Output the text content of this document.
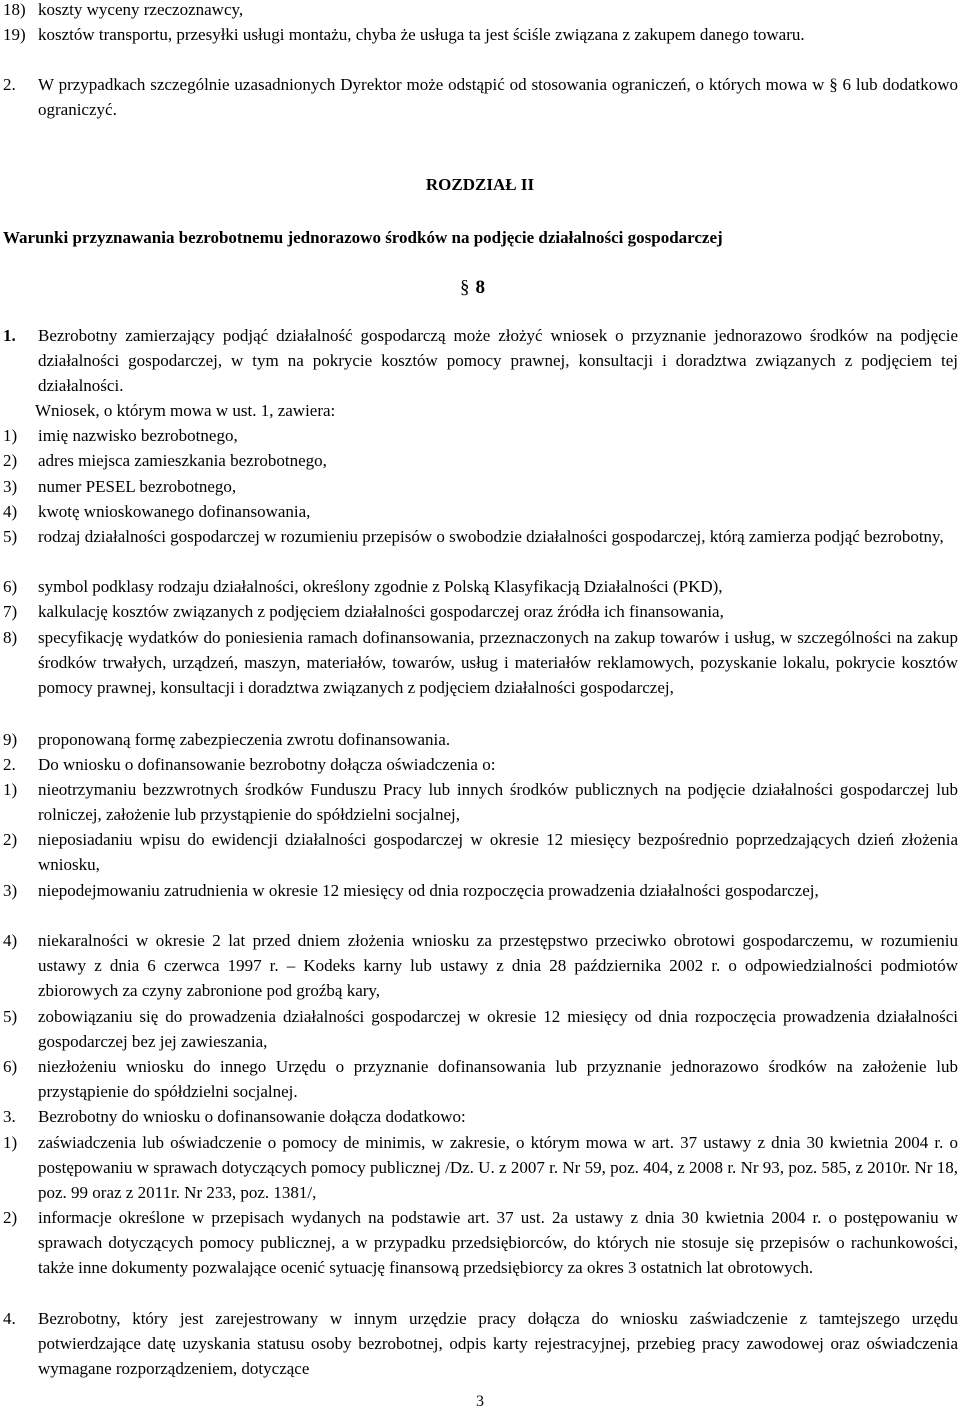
18) koszty wyceny rzeczoznawcy,
19) kosztów transportu, przesyłki usługi montażu, chyba że usługa ta jest ściśle związana z zakupem danego towaru.
2. W przypadkach szczególnie uzasadnionych Dyrektor może odstąpić od stosowania ograniczeń, o których mowa w § 6 lub dodatkowo ograniczyć.
ROZDZIAŁ II
Warunki przyznawania bezrobotnemu jednorazowo środków na podjęcie działalności gospodarczej
§ 8
1. Bezrobotny zamierzający podjąć działalność gospodarczą może złożyć wniosek o przyznanie jednorazowo środków na podjęcie działalności gospodarczej, w tym na pokrycie kosztów pomocy prawnej, konsultacji i doradztwa związanych z podjęciem tej działalności.
Wniosek, o którym mowa w ust. 1, zawiera:
1) imię nazwisko bezrobotnego,
2) adres miejsca zamieszkania bezrobotnego,
3) numer PESEL bezrobotnego,
4) kwotę wnioskowanego dofinansowania,
5) rodzaj działalności gospodarczej w rozumieniu przepisów o swobodzie działalności gospodarczej, którą zamierza podjąć bezrobotny,
6) symbol podklasy rodzaju działalności, określony zgodnie z Polską Klasyfikacją Działalności (PKD),
7) kalkulację kosztów związanych z podjęciem działalności gospodarczej oraz źródła ich finansowania,
8) specyfikację wydatków do poniesienia ramach dofinansowania, przeznaczonych na zakup towarów i usług, w szczególności na zakup środków trwałych, urządzeń, maszyn, materiałów, towarów, usług i materiałów reklamowych, pozyskanie lokalu, pokrycie kosztów pomocy prawnej, konsultacji i doradztwa związanych z podjęciem działalności gospodarczej,
9) proponowaną formę zabezpieczenia zwrotu dofinansowania.
2. Do wniosku o dofinansowanie bezrobotny dołącza oświadczenia o:
1) nieotrzymaniu bezzwrotnych środków Funduszu Pracy lub innych środków publicznych na podjęcie działalności gospodarczej lub rolniczej, założenie lub przystąpienie do spółdzielni socjalnej,
2) nieposiadaniu wpisu do ewidencji działalności gospodarczej w okresie 12 miesięcy bezpośrednio poprzedzających dzień złożenia wniosku,
3) niepodejmowaniu zatrudnienia w okresie 12 miesięcy od dnia rozpoczęcia prowadzenia działalności gospodarczej,
4) niekaralności w okresie 2 lat przed dniem złożenia wniosku za przestępstwo przeciwko obrotowi gospodarczemu, w rozumieniu ustawy z dnia 6 czerwca 1997 r. – Kodeks karny lub ustawy z dnia 28 października 2002 r. o odpowiedzialności podmiotów zbiorowych za czyny zabronione pod groźbą kary,
5) zobowiązaniu się do prowadzenia działalności gospodarczej w okresie 12 miesięcy od dnia rozpoczęcia prowadzenia działalności gospodarczej bez jej zawieszania,
6) niezłożeniu wniosku do innego Urzędu o przyznanie dofinansowania lub przyznanie jednorazowo środków na założenie lub przystąpienie do spółdzielni socjalnej.
3. Bezrobotny do wniosku o dofinansowanie dołącza dodatkowo:
1) zaświadczenia lub oświadczenie o pomocy de minimis, w zakresie, o którym mowa w art. 37 ustawy z dnia 30 kwietnia 2004 r. o postępowaniu w sprawach dotyczących pomocy publicznej /Dz. U. z 2007 r. Nr 59, poz. 404, z 2008 r. Nr 93, poz. 585, z 2010r. Nr 18, poz. 99 oraz z 2011r. Nr 233, poz. 1381/,
2) informacje określone w przepisach wydanych na podstawie art. 37 ust. 2a ustawy z dnia 30 kwietnia 2004 r. o postępowaniu w sprawach dotyczących pomocy publicznej, a w przypadku przedsiębiorców, do których nie stosuje się przepisów o rachunkowości, także inne dokumenty pozwalające ocenić sytuację finansową przedsiębiorcy za okres 3 ostatnich lat obrotowych.
4. Bezrobotny, który jest zarejestrowany w innym urzędzie pracy dołącza do wniosku zaświadczenie z tamtejszego urzędu potwierdzające datę uzyskania statusu osoby bezrobotnej, odpis karty rejestracyjnej, przebieg pracy zawodowej oraz oświadczenia wymagane rozporządzeniem, dotyczące
3
